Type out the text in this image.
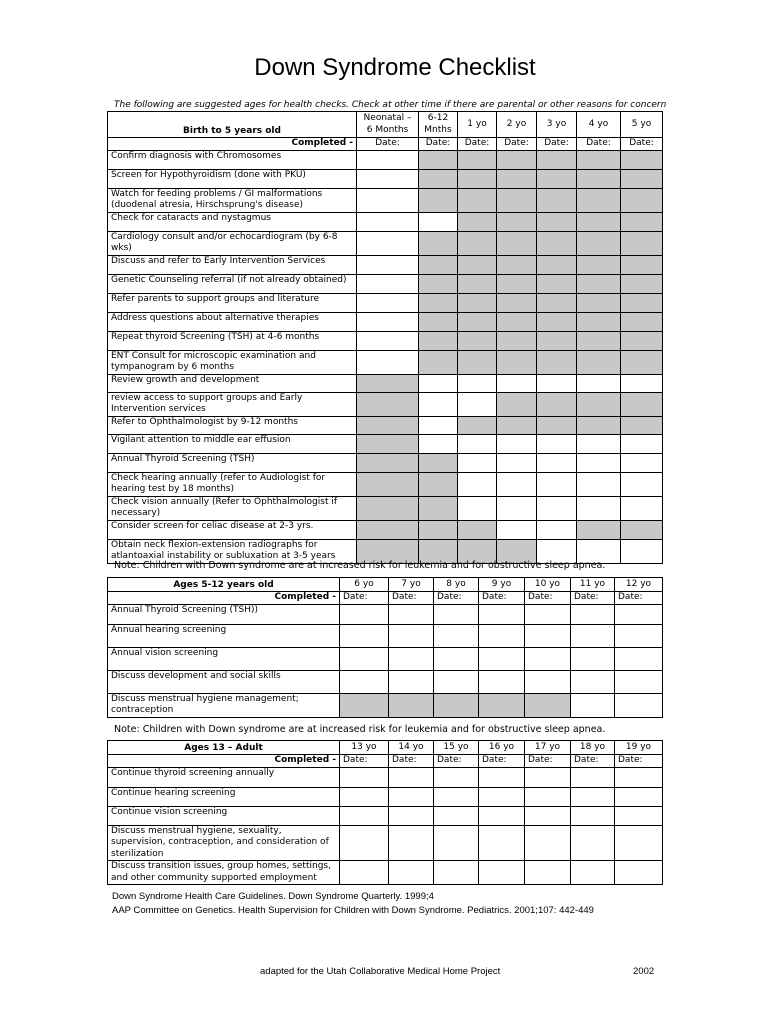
Down Syndrome Checklist
The following are suggested ages for health checks. Check at other time if there are parental or other reasons for concern
Birth to 5 years old	Neonatal – 6 Months	6-12 Mnths	1 yo	2 yo	3 yo	4 yo	5 yo
Completed -	Date:	Date:	Date:	Date:	Date:	Date:	Date:
Confirm diagnosis with Chromosomes							
Screen for Hypothyroidism (done with PKU)							
Watch for feeding problems / GI malformations (duodenal atresia, Hirschsprung's disease)							
Check for cataracts and nystagmus							
Cardiology consult and/or echocardiogram (by 6-8 wks)							
Discuss and refer to Early Intervention Services							
Genetic Counseling referral (if not already obtained)							
Refer parents to support groups and literature							
Address questions about alternative therapies							
Repeat thyroid Screening (TSH) at 4-6 months							
ENT Consult for microscopic examination and tympanogram by 6 months							
Review growth and development							
review access to support groups and Early Intervention services							
Refer to Ophthalmologist by 9-12 months							
Vigilant attention to middle ear effusion							
Annual Thyroid Screening (TSH)							
Check hearing annually (refer to Audiologist for hearing test by 18 months)							
Check vision annually (Refer to Ophthalmologist if necessary)							
Consider screen for celiac disease at 2-3 yrs.							
Obtain neck flexion-extension radiographs for atlantoaxial instability or subluxation at 3-5 years							
Note: Children with Down syndrome are at increased risk for leukemia and for obstructive sleep apnea.
Ages 5-12 years old	6 yo	7 yo	8 yo	9 yo	10 yo	11 yo	12 yo
Completed -	Date:	Date:	Date:	Date:	Date:	Date:	Date:
Annual Thyroid Screening (TSH))							
Annual hearing screening							
Annual vision screening							
Discuss development and social skills							
Discuss menstrual hygiene management; contraception							
Note: Children with Down syndrome are at increased risk for leukemia and for obstructive sleep apnea.
Ages 13 – Adult	13 yo	14 yo	15 yo	16 yo	17 yo	18 yo	19 yo
Completed -	Date:	Date:	Date:	Date:	Date:	Date:	Date:
Continue thyroid screening annually							
Continue hearing screening							
Continue vision screening							
Discuss menstrual hygiene, sexuality, supervision, contraception, and consideration of sterilization							
Discuss transition issues, group homes, settings, and other community supported employment							
Down Syndrome Health Care Guidelines. Down Syndrome Quarterly. 1999;4
AAP Committee on Genetics. Health Supervision for Children with Down Syndrome. Pediatrics. 2001;107: 442-449
adapted for the Utah Collaborative Medical Home Project	2002
